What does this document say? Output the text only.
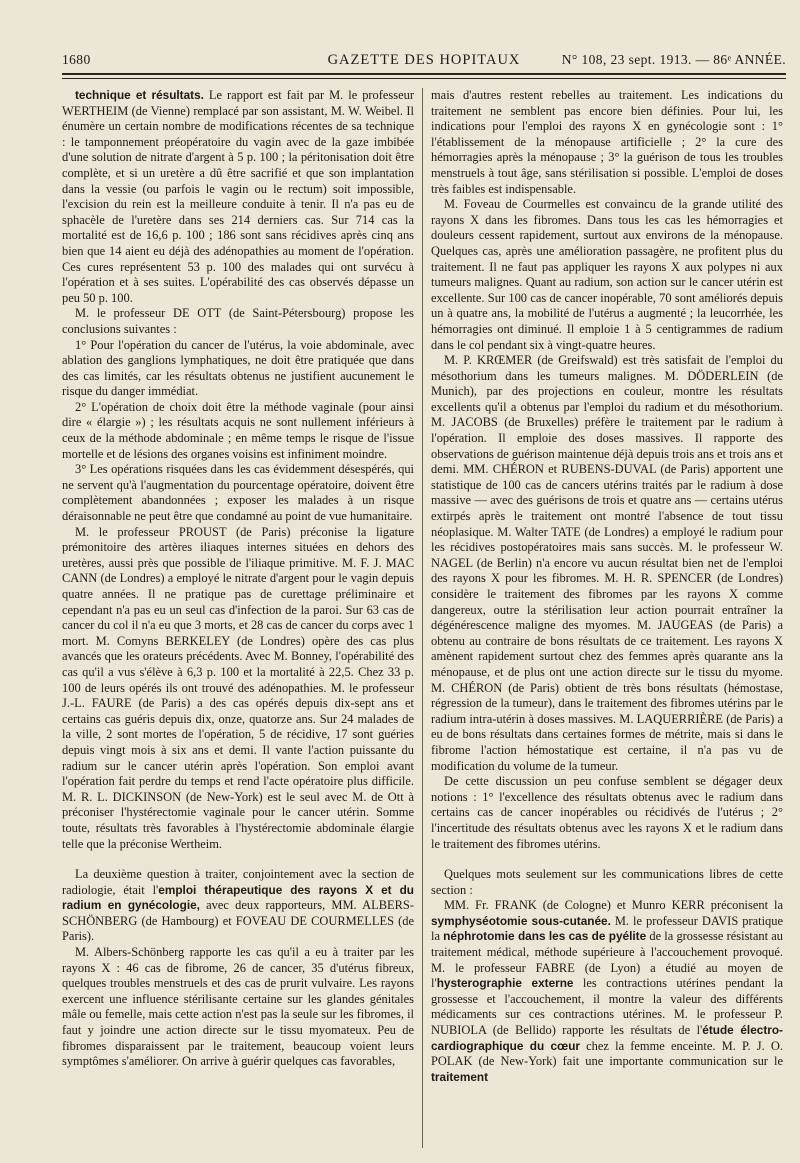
1680	GAZETTE DES HOPITAUX	N° 108, 23 sept. 1913. — 86ᵉ ANNÉE.

technique et résultats. Le rapport est fait par M. le professeur WERTHEIM (de Vienne) remplacé par son assistant, M. W. Weibel. Il énumère un certain nombre de modifications récentes de sa technique : le tamponnement préopératoire du vagin avec de la gaze imbibée d'une solution de nitrate d'argent à 5 p. 100 ; la péritonisation doit être complète, et si un uretère a dû être sacrifié et que son implantation dans la vessie (ou parfois le vagin ou le rectum) soit impossible, l'excision du rein est la meilleure conduite à tenir. Il n'a pas eu de sphacèle de l'uretère dans ses 214 derniers cas. Sur 714 cas la mortalité est de 16,6 p. 100 ; 186 sont sans récidives après cinq ans bien que 14 aient eu déjà des adénopathies au moment de l'opération. Ces cures représentent 53 p. 100 des malades qui ont survécu à l'opération et à ses suites. L'opérabilité des cas observés dépasse un peu 50 p. 100.

M. le professeur DE OTT (de Saint-Pétersbourg) propose les conclusions suivantes :

1° Pour l'opération du cancer de l'utérus, la voie abdominale, avec ablation des ganglions lymphatiques, ne doit être pratiquée que dans des cas limités, car les résultats obtenus ne justifient aucunement le risque du danger immédiat.

2° L'opération de choix doit être la méthode vaginale (pour ainsi dire « élargie ») ; les résultats acquis ne sont nullement inférieurs à ceux de la méthode abdominale ; en même temps le risque de l'issue mortelle et de lésions des organes voisins est infiniment moindre.

3° Les opérations risquées dans les cas évidemment désespérés, qui ne servent qu'à l'augmentation du pourcentage opératoire, doivent être complètement abandonnées ; exposer les malades à un risque déraisonnable ne peut être que condamné au point de vue humanitaire.

M. le professeur PROUST (de Paris) préconise la ligature prémonitoire des artères iliaques internes situées en dehors des uretères, aussi près que possible de l'iliaque primitive. M. F. J. MAC CANN (de Londres) a employé le nitrate d'argent pour le vagin depuis quatre années. Il ne pratique pas de curettage préliminaire et cependant n'a pas eu un seul cas d'infection de la paroi. Sur 63 cas de cancer du col il n'a eu que 3 morts, et 28 cas de cancer du corps avec 1 mort. M. Comyns BERKELEY (de Londres) opère des cas plus avancés que les orateurs précédents. Avec M. Bonney, l'opérabilité des cas qu'il a vus s'élève à 6,3 p. 100 et la mortalité à 22,5. Chez 33 p. 100 de leurs opérés ils ont trouvé des adénopathies. M. le professeur J.-L. FAURE (de Paris) a des cas opérés depuis dix-sept ans et certains cas guéris depuis dix, onze, quatorze ans. Sur 24 malades de la ville, 2 sont mortes de l'opération, 5 de récidive, 17 sont guéries depuis vingt mois à six ans et demi. Il vante l'action puissante du radium sur le cancer utérin après l'opération. Son emploi avant l'opération fait perdre du temps et rend l'acte opératoire plus difficile. M. R. L. DICKINSON (de New-York) est le seul avec M. de Ott à préconiser l'hystérectomie vaginale pour le cancer utérin. Somme toute, résultats très favorables à l'hystérectomie abdominale élargie telle que la préconise Wertheim.

La deuxième question à traiter, conjointement avec la section de radiologie, était l'emploi thérapeutique des rayons X et du radium en gynécologie, avec deux rapporteurs, MM. ALBERS-SCHÖNBERG (de Hambourg) et FOVEAU DE COURMELLES (de Paris).

M. Albers-Schönberg rapporte les cas qu'il a eu à traiter par les rayons X : 46 cas de fibrome, 26 de cancer, 35 d'utérus fibreux, quelques troubles menstruels et des cas de prurit vulvaire. Les rayons exercent une influence stérilisante certaine sur les glandes génitales mâle ou femelle, mais cette action n'est pas la seule sur les fibromes, il faut y joindre une action directe sur le tissu myomateux. Peu de fibromes disparaissent par le traitement, beaucoup voient leurs symptômes s'améliorer. On arrive à guérir quelques cas favorables,

mais d'autres restent rebelles au traitement. Les indications du traitement ne semblent pas encore bien définies. Pour lui, les indications pour l'emploi des rayons X en gynécologie sont : 1° l'établissement de la ménopause artificielle ; 2° la cure des hémorragies après la ménopause ; 3° la guérison de tous les troubles menstruels à tout âge, sans stérilisation si possible. L'emploi de doses très faibles est indispensable.

M. Foveau de Courmelles est convaincu de la grande utilité des rayons X dans les fibromes. Dans tous les cas les hémorragies et douleurs cessent rapidement, surtout aux environs de la ménopause. Quelques cas, après une amélioration passagère, ne profitent plus du traitement. Il ne faut pas appliquer les rayons X aux polypes ni aux tumeurs malignes. Quant au radium, son action sur le cancer utérin est excellente. Sur 100 cas de cancer inopérable, 70 sont améliorés depuis un à quatre ans, la mobilité de l'utérus a augmenté ; la leucorrhée, les hémorragies ont diminué. Il emploie 1 à 5 centigrammes de radium dans le col pendant six à vingt-quatre heures.

M. P. KRŒMER (de Greifswald) est très satisfait de l'emploi du mésothorium dans les tumeurs malignes. M. DÖDERLEIN (de Munich), par des projections en couleur, montre les résultats excellents qu'il a obtenus par l'emploi du radium et du mésothorium. M. JACOBS (de Bruxelles) préfère le traitement par le radium à l'opération. Il emploie des doses massives. Il rapporte des observations de guérison maintenue déjà depuis trois ans et trois ans et demi. MM. CHÉRON et RUBENS-DUVAL (de Paris) apportent une statistique de 100 cas de cancers utérins traités par le radium à dose massive — avec des guérisons de trois et quatre ans — certains utérus extirpés après le traitement ont montré l'absence de tout tissu néoplasique. M. Walter TATE (de Londres) a employé le radium pour les récidives postopératoires mais sans succès. M. le professeur W. NAGEL (de Berlin) n'a encore vu aucun résultat bien net de l'emploi des rayons X pour les fibromes. M. H. R. SPENCER (de Londres) considère le traitement des fibromes par les rayons X comme dangereux, outre la stérilisation leur action pourrait entraîner la dégénérescence maligne des myomes. M. JAUGEAS (de Paris) a obtenu au contraire de bons résultats de ce traitement. Les rayons X amènent rapidement surtout chez des femmes après quarante ans la ménopause, et de plus ont une action directe sur le tissu du myome. M. CHÉRON (de Paris) obtient de très bons résultats (hémostase, régression de la tumeur), dans le traitement des fibromes utérins par le radium intra-utérin à doses massives. M. LAQUERRIÈRE (de Paris) a eu de bons résultats dans certaines formes de métrite, mais si dans le fibrome l'action hémostatique est certaine, il n'a pas vu de modification du volume de la tumeur.

De cette discussion un peu confuse semblent se dégager deux notions : 1° l'excellence des résultats obtenus avec le radium dans certains cas de cancer inopérables ou récidivés de l'utérus ; 2° l'incertitude des résultats obtenus avec les rayons X et le radium dans le traitement des fibromes utérins.

Quelques mots seulement sur les communications libres de cette section :

MM. Fr. FRANK (de Cologne) et Munro KERR préconisent la symphyséotomie sous-cutanée. M. le professeur DAVIS pratique la néphrotomie dans les cas de pyélite de la grossesse résistant au traitement médical, méthode supérieure à l'accouchement provoqué. M. le professeur FABRE (de Lyon) a étudié au moyen de l'hysterographie externe les contractions utérines pendant la grossesse et l'accouchement, il montre la valeur des différents médicaments sur ces contractions utérines. M. le professeur P. NUBIOLA (de Bellido) rapporte les résultats de l'étude électro-cardiographique du cœur chez la femme enceinte. M. P. J. O. POLAK (de New-York) fait une importante communication sur le traitement
